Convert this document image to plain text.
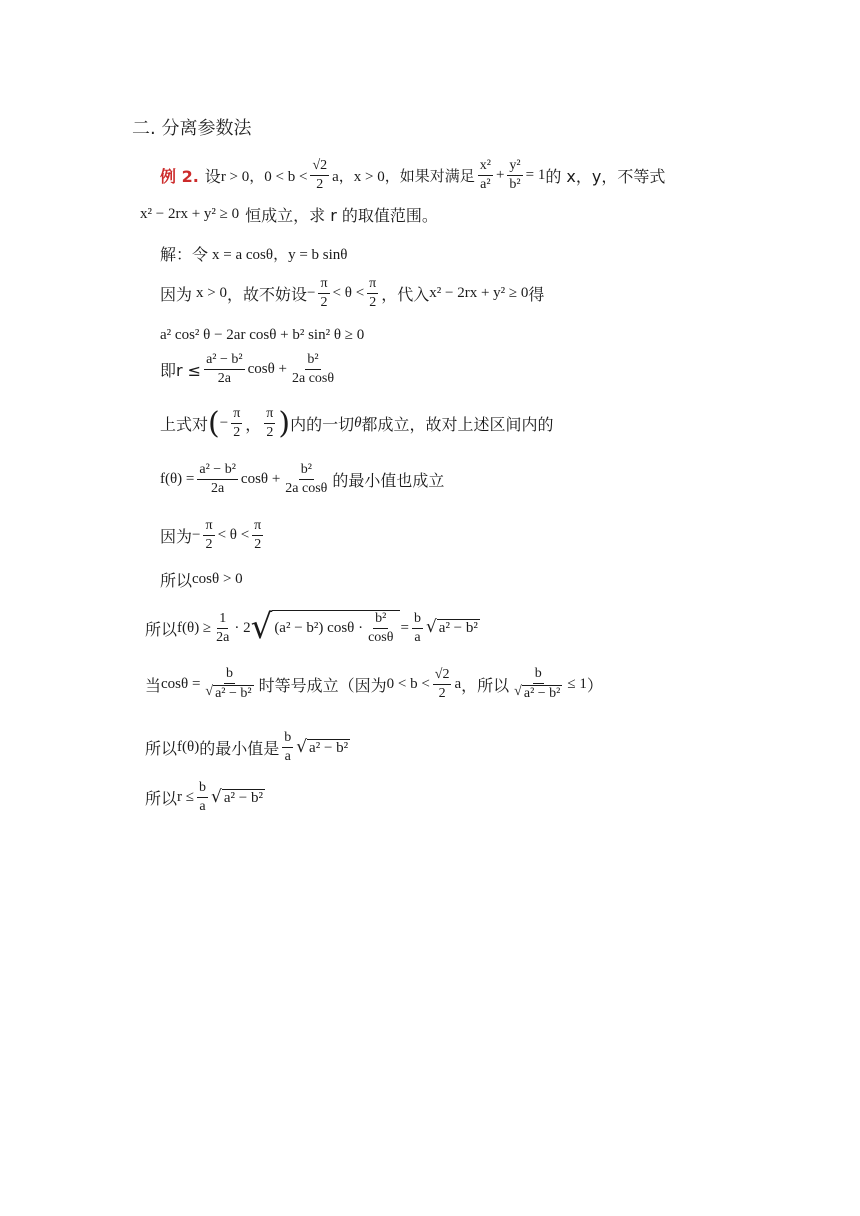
二. 分离参数法
例 2. 设 r > 0，$0 < b < \frac{√2}{2}$ a，x > 0，如果对满足 $\frac{\text{x²}}{\text{a²}} + \frac{\text{y²}}{\text{b²}} = 1$ 的 x，y，不等式
x² − 2rx + y² ≥ 0 恒成立，求 r 的取值范围。
解：令 x = a cosθ，y = b sinθ
因为 x > 0 ，故不妨设 − $\frac{\pi}{2} < \theta < \frac{\pi}{2}$ ，代入 x² − 2rx + y² ≥ 0 得
a² cos² θ − 2ar cosθ + b² sin² θ ≥ 0
即$r \le \frac{\text{a² − b²}}{2a}$ $\cos\theta + \frac{\text{b²}}{\text{2a cosθ}}$
上式对 ( − $\frac{\pi}{2}$ ， $\frac{\pi}{2}$ ) 内的一切 θ 都成立，故对上述区间内的
$f(\theta) = \frac{\text{a² − b²}}{2a}$ $\cos\theta + \frac{\text{b²}}{\text{2a cosθ}}$ 的最小值也成立
因为 − $\frac{\pi}{2} < \theta < \frac{\pi}{2}$
所以 cosθ > 0
所以 $f(\theta) \ge \frac{1}{2a} \cdot 2$ √ (a² − b²) $\cos\theta \cdot \frac{\text{b²}}{\cos\theta} = \frac{b}{a}$ √ a² − b²
当 $\cos\theta = \frac{b}{\text{√ a² − b²}}$ 时等号成立（因为 $0 < b < \frac{√2}{2}$ a ，所以 $\frac{b}{\text{√ a² − b²}} \le 1$ ）
所以 f(θ) 的最小值是 $\frac{b}{a}$ √ a² − b²
所以 $r \le \frac{b}{a}$ √ a² − b²
